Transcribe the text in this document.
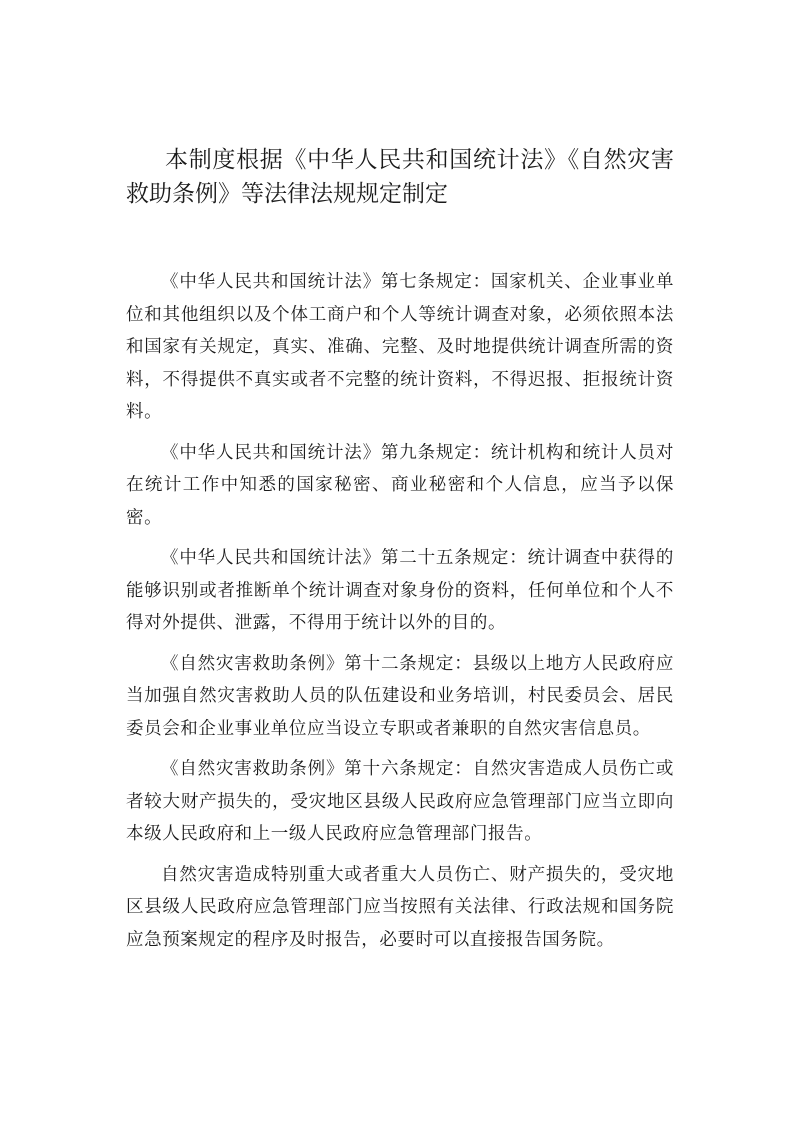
本制度根据《中华人民共和国统计法》《自然灾害救助条例》等法律法规规定制定

《中华人民共和国统计法》第七条规定：国家机关、企业事业单位和其他组织以及个体工商户和个人等统计调查对象，必须依照本法和国家有关规定，真实、准确、完整、及时地提供统计调查所需的资料，不得提供不真实或者不完整的统计资料，不得迟报、拒报统计资料。

《中华人民共和国统计法》第九条规定：统计机构和统计人员对在统计工作中知悉的国家秘密、商业秘密和个人信息，应当予以保密。

《中华人民共和国统计法》第二十五条规定：统计调查中获得的能够识别或者推断单个统计调查对象身份的资料，任何单位和个人不得对外提供、泄露，不得用于统计以外的目的。

《自然灾害救助条例》第十二条规定：县级以上地方人民政府应当加强自然灾害救助人员的队伍建设和业务培训，村民委员会、居民委员会和企业事业单位应当设立专职或者兼职的自然灾害信息员。

《自然灾害救助条例》第十六条规定：自然灾害造成人员伤亡或者较大财产损失的，受灾地区县级人民政府应急管理部门应当立即向本级人民政府和上一级人民政府应急管理部门报告。

自然灾害造成特别重大或者重大人员伤亡、财产损失的，受灾地区县级人民政府应急管理部门应当按照有关法律、行政法规和国务院应急预案规定的程序及时报告，必要时可以直接报告国务院。
